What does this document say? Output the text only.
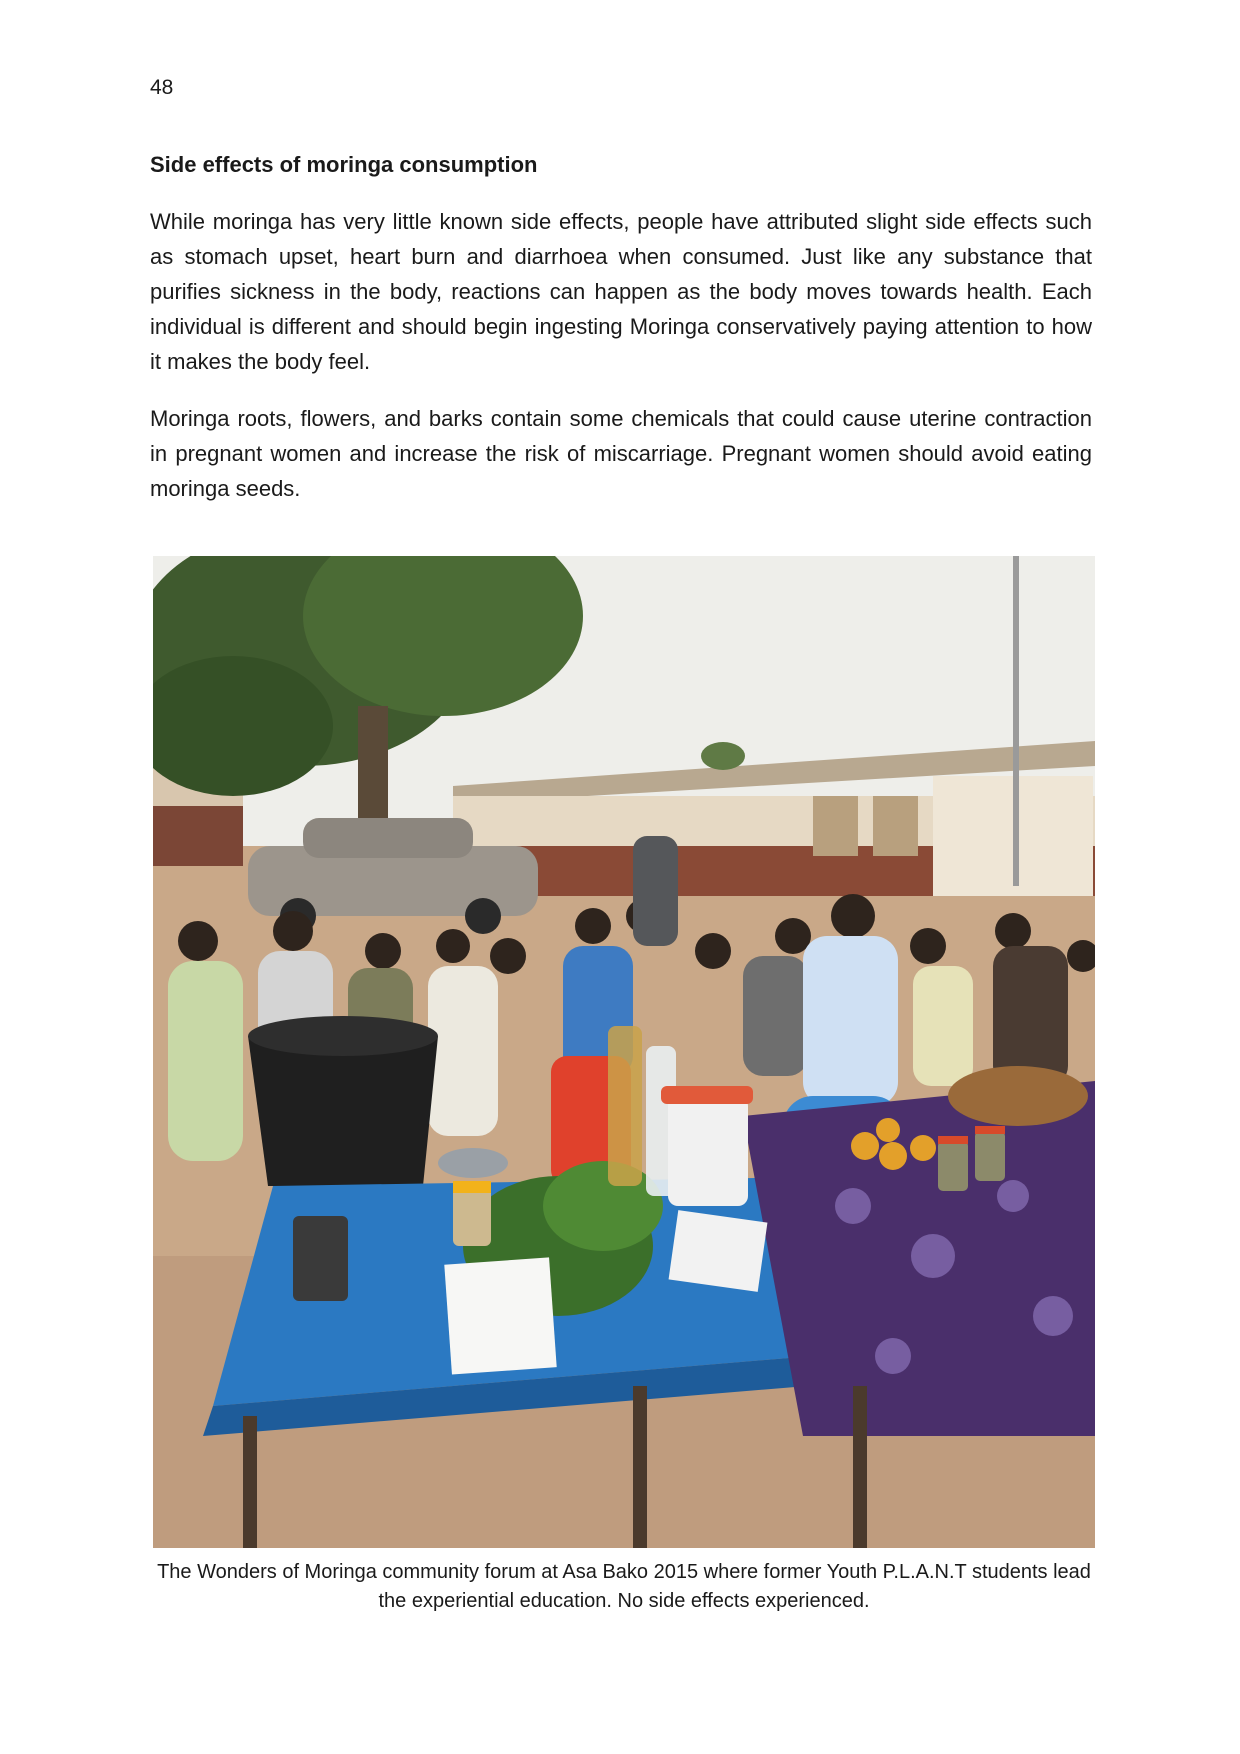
48
Side effects of moringa consumption

While moringa has very little known side effects, people have attributed slight side effects such as stomach upset, heart burn and diarrhoea when consumed. Just like any substance that purifies sickness in the body, reactions can happen as the body moves towards health. Each individual is different and should begin ingesting Moringa conservatively paying attention to how it makes the body feel.

Moringa roots, flowers, and barks contain some chemicals that could cause uterine contraction in pregnant women and increase the risk of miscarriage. Pregnant women should avoid eating moringa seeds.

The Wonders of Moringa community forum at Asa Bako 2015 where former Youth P.L.A.N.T students lead the experiential education. No side effects experienced.
